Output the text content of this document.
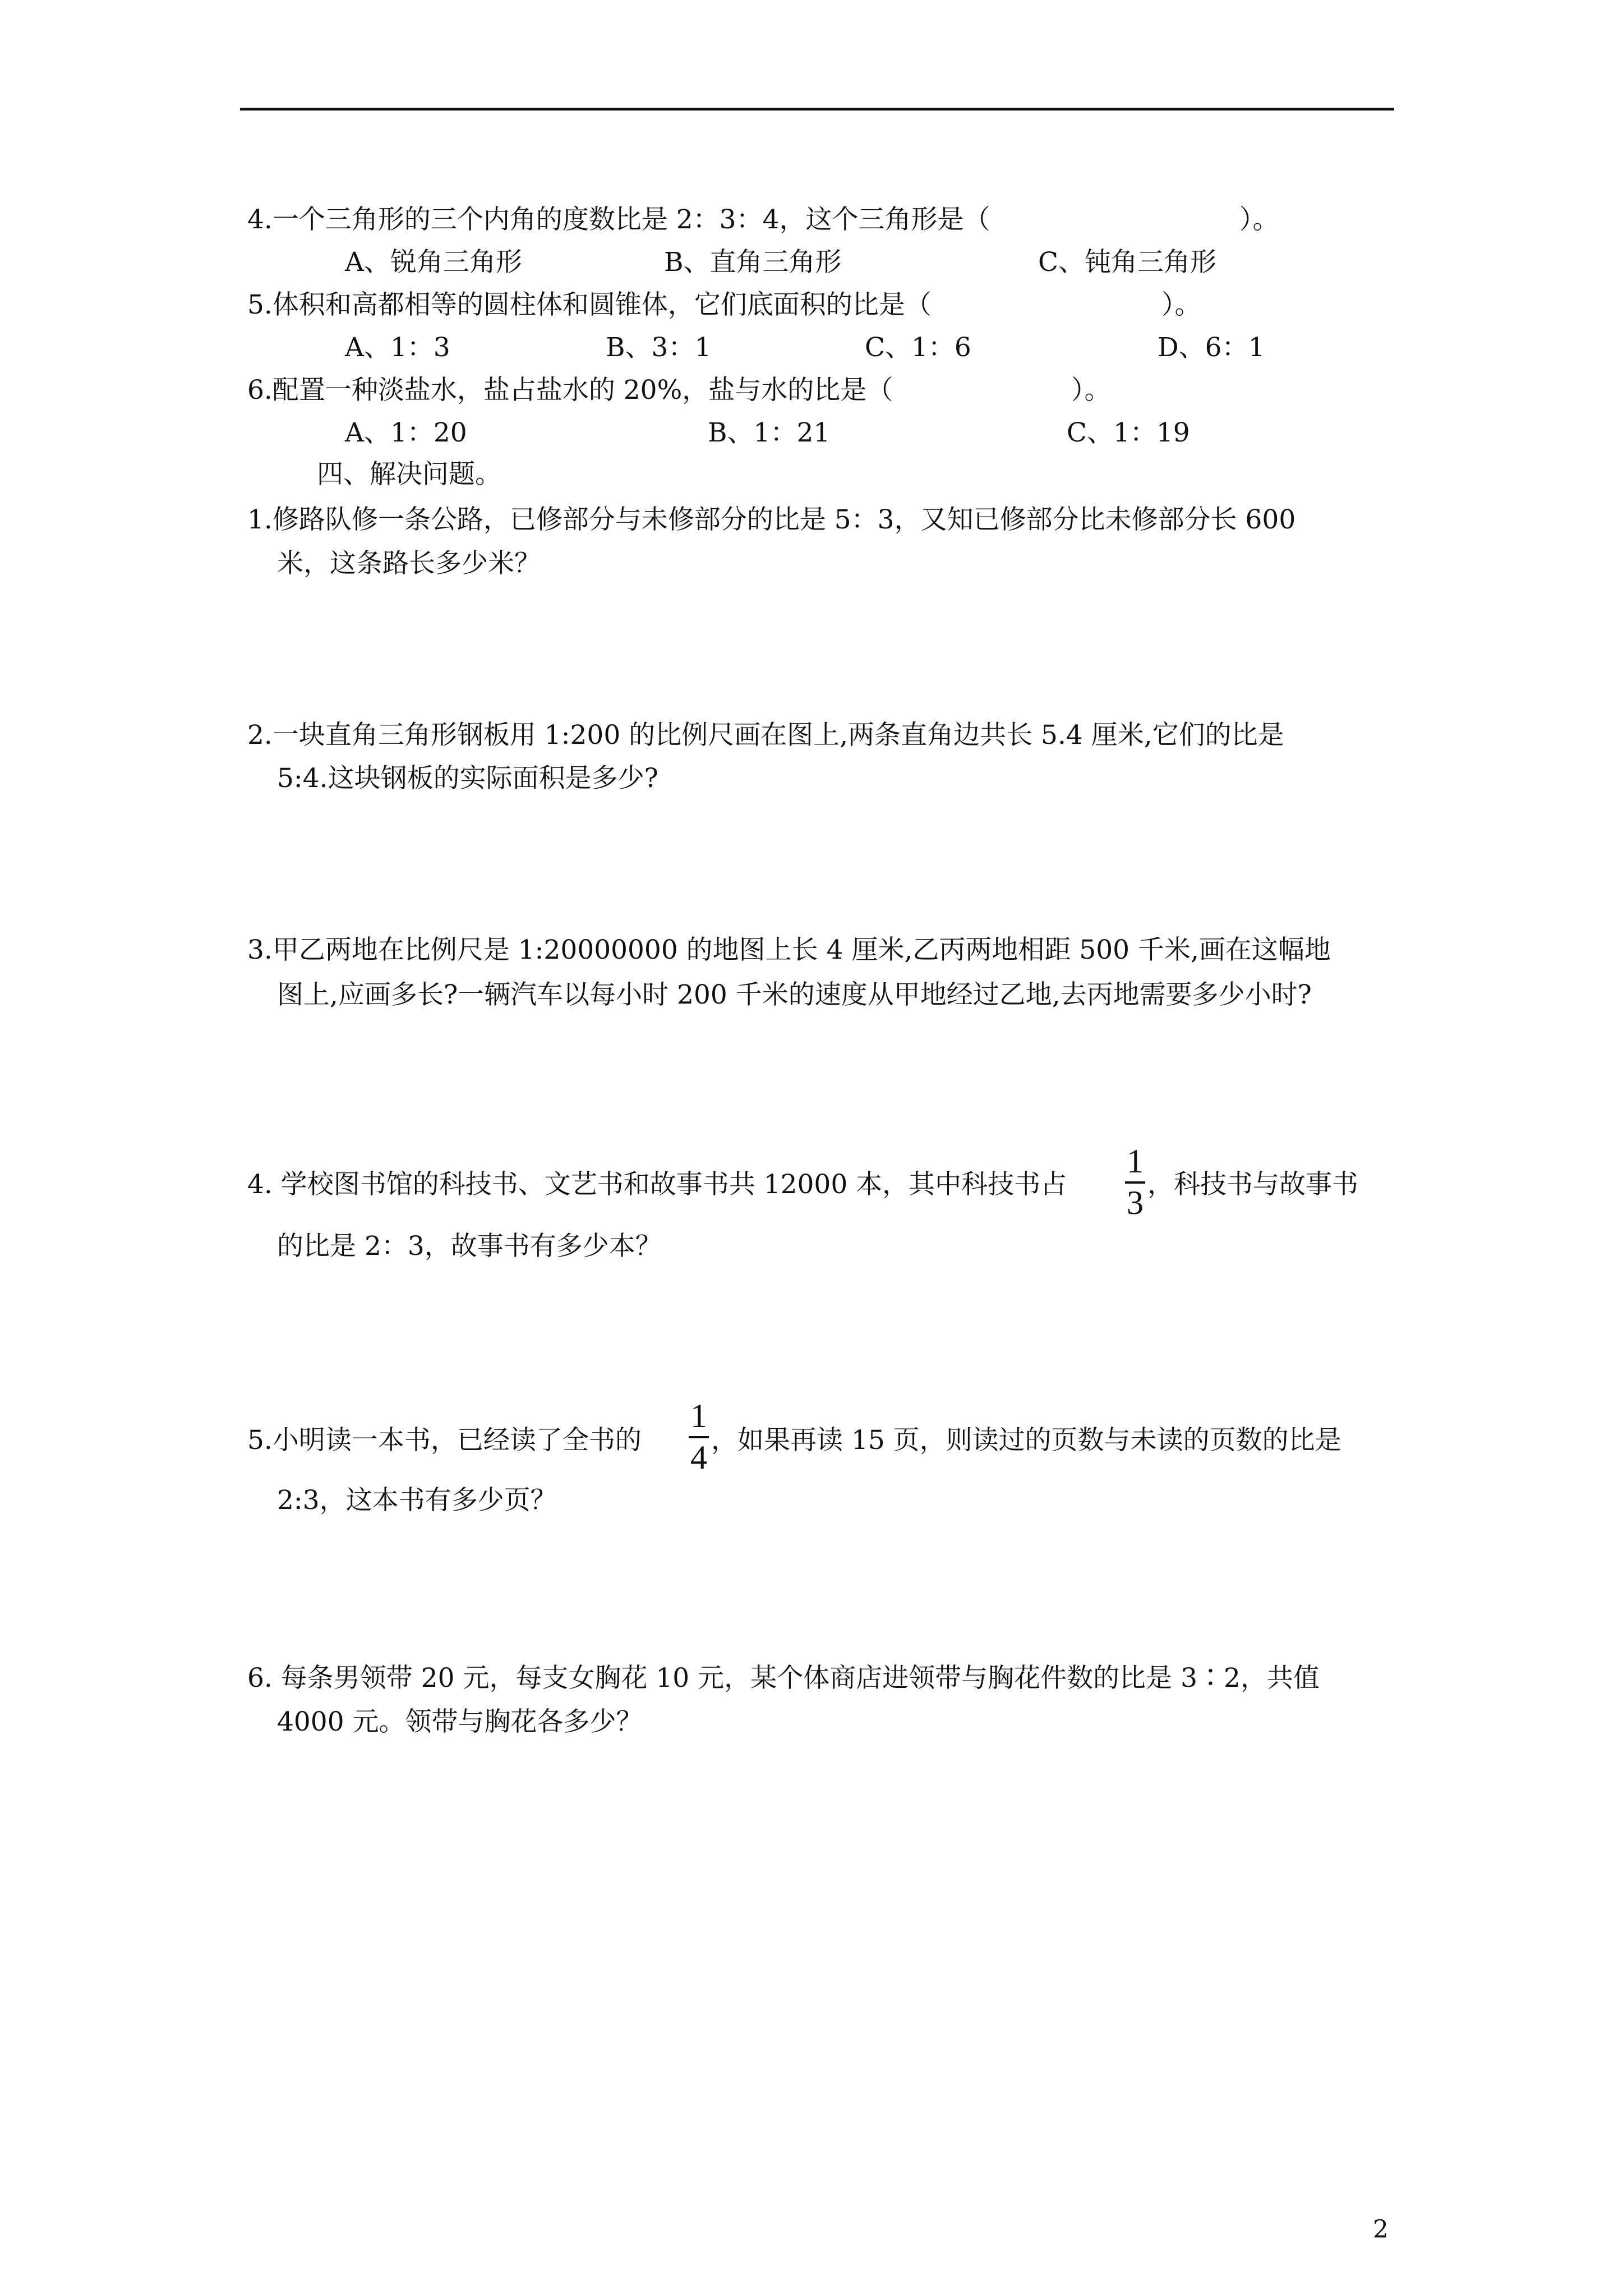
4.一个三角形的三个内角的度数比是 2：3：4，这个三角形是（	）。
A、锐角三角形	B、直角三角形	C、钝角三角形
5.体积和高都相等的圆柱体和圆锥体，它们底面积的比是（	）。
A、1：3	B、3：1	C、1：6	D、6：1
6.配置一种淡盐水，盐占盐水的 20%，盐与水的比是（	）。
A、1：20	B、1：21	C、1：19
四、解决问题。
1.修路队修一条公路，已修部分与未修部分的比是 5：3，又知已修部分比未修部分长 600
米，这条路长多少米？
2.一块直角三角形钢板用 1:200 的比例尺画在图上,两条直角边共长 5.4 厘米,它们的比是
5:4.这块钢板的实际面积是多少?
3.甲乙两地在比例尺是 1:20000000 的地图上长 4 厘米,乙丙两地相距 500 千米,画在这幅地
图上,应画多长?一辆汽车以每小时 200 千米的速度从甲地经过乙地,去丙地需要多少小时?
4. 学校图书馆的科技书、文艺书和故事书共 12000 本，其中科技书占
1
3 ，科技书与故事书
的比是 2：3，故事书有多少本？
5.小明读一本书，已经读了全书的
1
4 ，如果再读 15 页，则读过的页数与未读的页数的比是
2:3，这本书有多少页？
6. 每条男领带 20 元，每支女胸花 10 元，某个体商店进领带与胸花件数的比是 3∶2，共值
4000 元。领带与胸花各多少？
2
